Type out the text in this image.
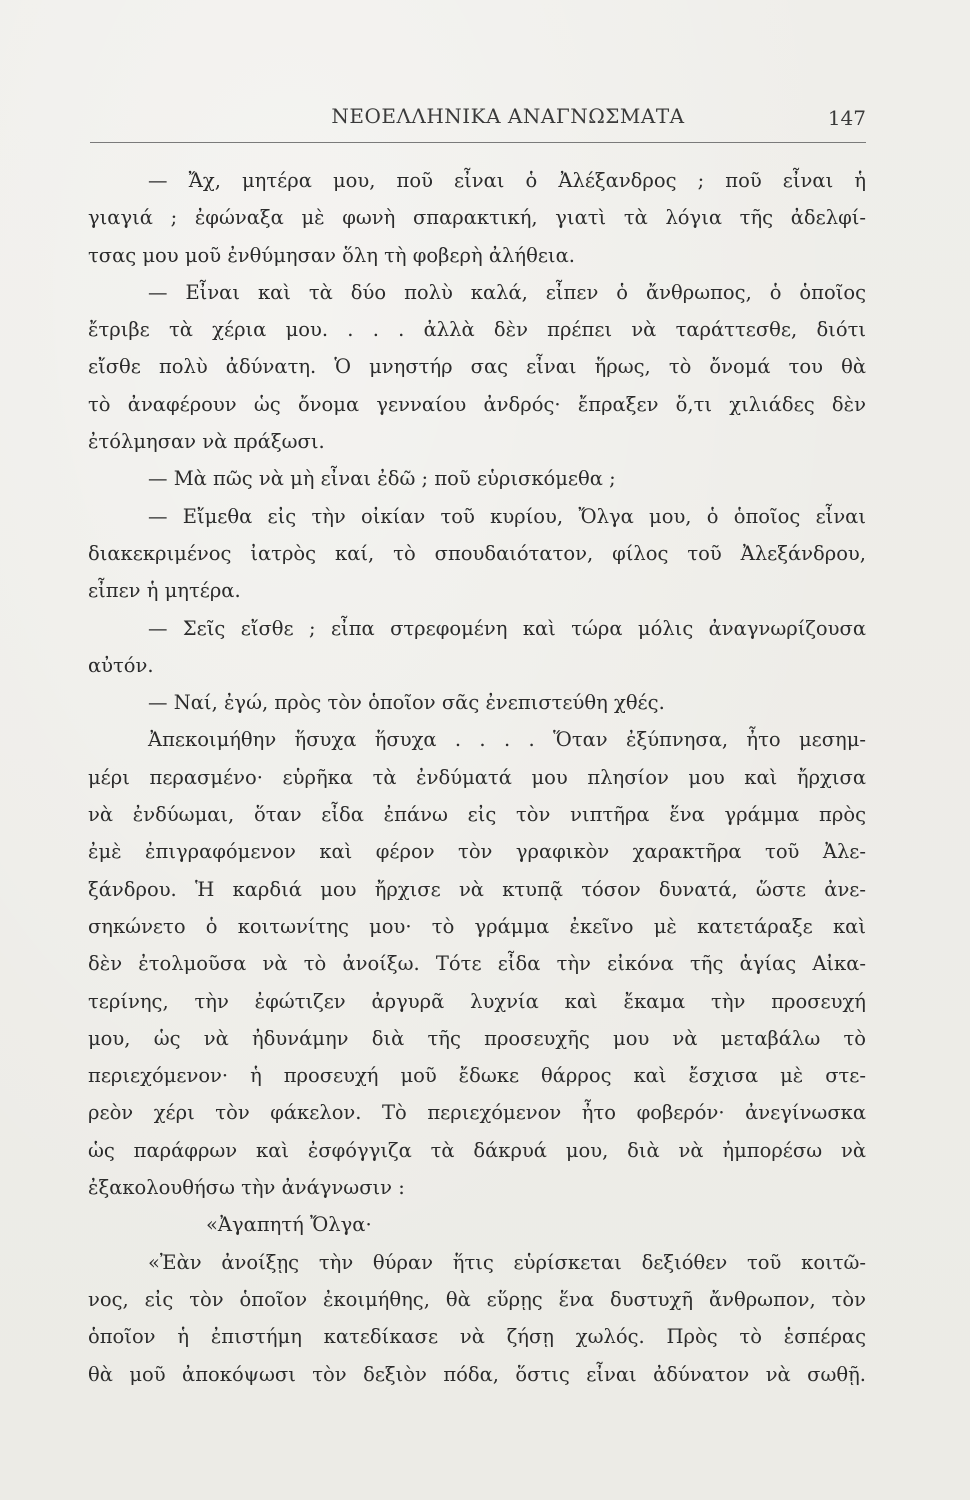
ΝΕΟΕΛΛΗΝΙΚΑ ΑΝΑΓΝΩΣΜΑΤΑ	147
— Ἄχ, μητέρα μου, ποῦ εἶναι ὁ Ἀλέξανδρος ; ποῦ εἶναι ἡ
γιαγιά ; ἐφώναξα μὲ φωνὴ σπαρακτική, γιατὶ τὰ λόγια τῆς ἀδελφί-
τσας μου μοῦ ἐνθύμησαν ὅλη τὴ φοβερὴ ἀλήθεια.
— Εἶναι καὶ τὰ δύο πολὺ καλά, εἶπεν ὁ ἄνθρωπος, ὁ ὁποῖος
ἔτριβε τὰ χέρια μου. . . . ἀλλὰ δὲν πρέπει νὰ ταράττεσθε, διότι
εἴσθε πολὺ ἀδύνατη. Ὁ μνηστήρ σας εἶναι ἥρως, τὸ ὄνομά του θὰ
τὸ ἀναφέρουν ὡς ὄνομα γενναίου ἀνδρός· ἔπραξεν ὅ,τι χιλιάδες δὲν
ἐτόλμησαν νὰ πράξωσι.
— Μὰ πῶς νὰ μὴ εἶναι ἐδῶ ; ποῦ εὑρισκόμεθα ;
— Εἴμεθα εἰς τὴν οἰκίαν τοῦ κυρίου, Ὄλγα μου, ὁ ὁποῖος εἶναι
διακεκριμένος ἰατρὸς καί, τὸ σπουδαιότατον, φίλος τοῦ Ἀλεξάνδρου,
εἶπεν ἡ μητέρα.
— Σεῖς εἴσθε ; εἶπα στρεφομένη καὶ τώρα μόλις ἀναγνωρίζουσα
αὐτόν.
— Ναί, ἐγώ, πρὸς τὸν ὁποῖον σᾶς ἐνεπιστεύθη χθές.
Ἀπεκοιμήθην ἥσυχα ἥσυχα . . . . Ὅταν ἐξύπνησα, ἦτο μεσημ-
μέρι περασμένο· εὑρῆκα τὰ ἐνδύματά μου πλησίον μου καὶ ἤρχισα
νὰ ἐνδύωμαι, ὅταν εἶδα ἐπάνω εἰς τὸν νιπτῆρα ἕνα γράμμα πρὸς
ἐμὲ ἐπιγραφόμενον καὶ φέρον τὸν γραφικὸν χαρακτῆρα τοῦ Ἀλε-
ξάνδρου. Ἡ καρδιά μου ἤρχισε νὰ κτυπᾷ τόσον δυνατά, ὥστε ἀνε-
σηκώνετο ὁ κοιτωνίτης μου· τὸ γράμμα ἐκεῖνο μὲ κατετάραξε καὶ
δὲν ἐτολμοῦσα νὰ τὸ ἀνοίξω. Τότε εἶδα τὴν εἰκόνα τῆς ἁγίας Αἰκα-
τερίνης, τὴν ἐφώτιζεν ἀργυρᾶ λυχνία καὶ ἔκαμα τὴν προσευχή
μου, ὡς νὰ ἠδυνάμην διὰ τῆς προσευχῆς μου νὰ μεταβάλω τὸ
περιεχόμενον· ἡ προσευχή μοῦ ἔδωκε θάρρος καὶ ἔσχισα μὲ στε-
ρεὸν χέρι τὸν φάκελον. Τὸ περιεχόμενον ἦτο φοβερόν· ἀνεγίνωσκα
ὡς παράφρων καὶ ἐσφόγγιζα τὰ δάκρυά μου, διὰ νὰ ἠμπορέσω νὰ
ἐξακολουθήσω τὴν ἀνάγνωσιν :
«Ἀγαπητή Ὄλγα·
«Ἐὰν ἀνοίξῃς τὴν θύραν ἥτις εὑρίσκεται δεξιόθεν τοῦ κοιτῶ-
νος, εἰς τὸν ὁποῖον ἐκοιμήθης, θὰ εὕρῃς ἕνα δυστυχῆ ἄνθρωπον, τὸν
ὁποῖον ἡ ἐπιστήμη κατεδίκασε νὰ ζήσῃ χωλός. Πρὸς τὸ ἑσπέρας
θὰ μοῦ ἀποκόψωσι τὸν δεξιὸν πόδα, ὅστις εἶναι ἀδύνατον νὰ σωθῇ.
